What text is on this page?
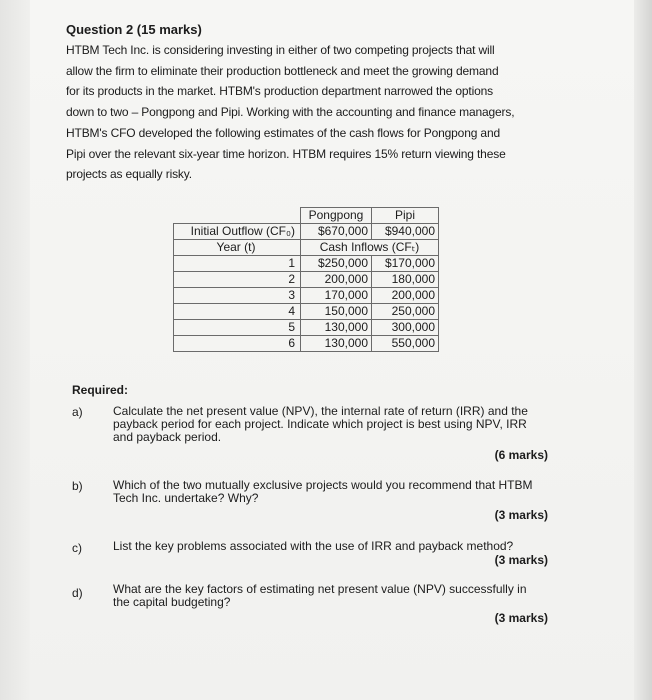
Question 2 (15 marks)
HTBM Tech Inc. is considering investing in either of two competing projects that will
allow the firm to eliminate their production bottleneck and meet the growing demand
for its products in the market. HTBM's production department narrowed the options
down to two – Pongpong and Pipi. Working with the accounting and finance managers,
HTBM's CFO developed the following estimates of the cash flows for Pongpong and
Pipi over the relevant six-year time horizon. HTBM requires 15% return viewing these
projects as equally risky.
	Pongpong	Pipi
Initial Outflow (CF₀)	$670,000	$940,000
Year (t)	Cash Inflows (CFₜ)	
1	$250,000	$170,000
2	200,000	180,000
3	170,000	200,000
4	150,000	250,000
5	130,000	300,000
6	130,000	550,000
Required:
a)	Calculate the net present value (NPV), the internal rate of return (IRR) and the
payback period for each project. Indicate which project is best using NPV, IRR
and payback period.
(6 marks)
b)	Which of the two mutually exclusive projects would you recommend that HTBM
Tech Inc. undertake? Why?
(3 marks)
c)	List the key problems associated with the use of IRR and payback method?
(3 marks)
d)	What are the key factors of estimating net present value (NPV) successfully in
the capital budgeting?
(3 marks)
